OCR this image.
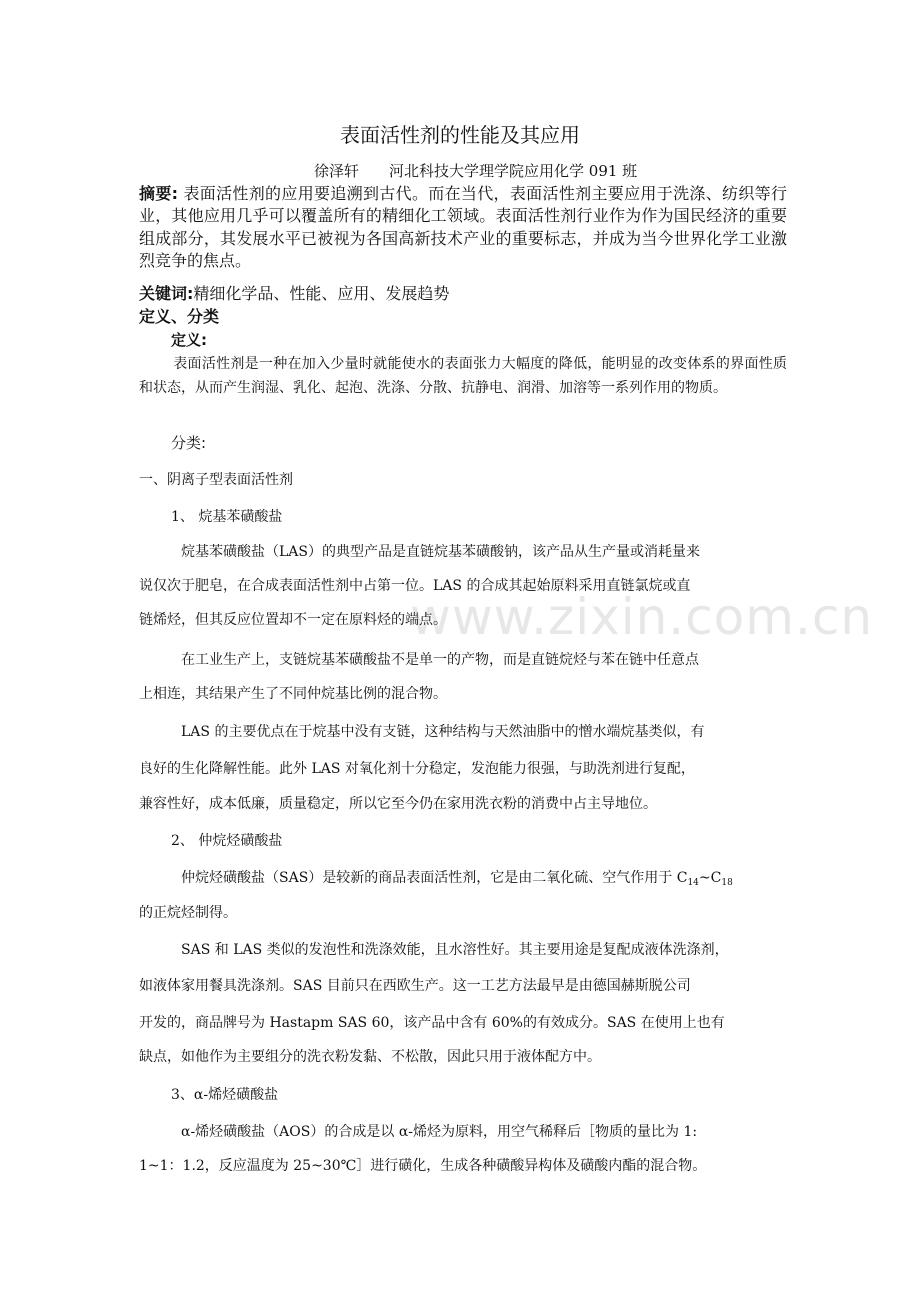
www.zixin.com.cn
表面活性剂的性能及其应用
徐泽轩 河北科技大学理学院应用化学 091 班
摘要: 表面活性剂的应用要追溯到古代。而在当代，表面活性剂主要应用于洗涤、纺织等行业，其他应用几乎可以覆盖所有的精细化工领域。表面活性剂行业作为作为国民经济的重要组成部分，其发展水平已被视为各国高新技术产业的重要标志，并成为当今世界化学工业激烈竞争的焦点。
关键词:精细化学品、性能、应用、发展趋势
定义、分类
定义:
表面活性剂是一种在加入少量时就能使水的表面张力大幅度的降低，能明显的改变体系的界面性质和状态，从而产生润湿、乳化、起泡、洗涤、分散、抗静电、润滑、加溶等一系列作用的物质。
分类:
一、阴离子型表面活性剂
1、 烷基苯磺酸盐
烷基苯磺酸盐（LAS）的典型产品是直链烷基苯磺酸钠，该产品从生产量或消耗量来
说仅次于肥皂，在合成表面活性剂中占第一位。LAS 的合成其起始原料采用直链氯烷或直
链烯烃，但其反应位置却不一定在原料烃的端点。
在工业生产上，支链烷基苯磺酸盐不是单一的产物，而是直链烷烃与苯在链中任意点
上相连，其结果产生了不同仲烷基比例的混合物。
LAS 的主要优点在于烷基中没有支链，这种结构与天然油脂中的憎水端烷基类似，有
良好的生化降解性能。此外 LAS 对氧化剂十分稳定，发泡能力很强，与助洗剂进行复配，
兼容性好，成本低廉，质量稳定，所以它至今仍在家用洗衣粉的消费中占主导地位。
2、 仲烷烃磺酸盐
仲烷烃磺酸盐（SAS）是较新的商品表面活性剂，它是由二氧化硫、空气作用于 $C_{14}\sim C_{18}$
的正烷烃制得。
SAS 和 LAS 类似的发泡性和洗涤效能，且水溶性好。其主要用途是复配成液体洗涤剂，
如液体家用餐具洗涤剂。SAS 目前只在西欧生产。这一工艺方法最早是由德国赫斯脱公司
开发的，商品牌号为 Hastapm SAS 60，该产品中含有 60%的有效成分。SAS 在使用上也有
缺点，如他作为主要组分的洗衣粉发黏、不松散，因此只用于液体配方中。
3、α-烯烃磺酸盐
α-烯烃磺酸盐（AOS）的合成是以 α-烯烃为原料，用空气稀释后［物质的量比为 1:
1~1：1.2，反应温度为 25~30℃］进行磺化，生成各种磺酸异构体及磺酸内酯的混合物。
